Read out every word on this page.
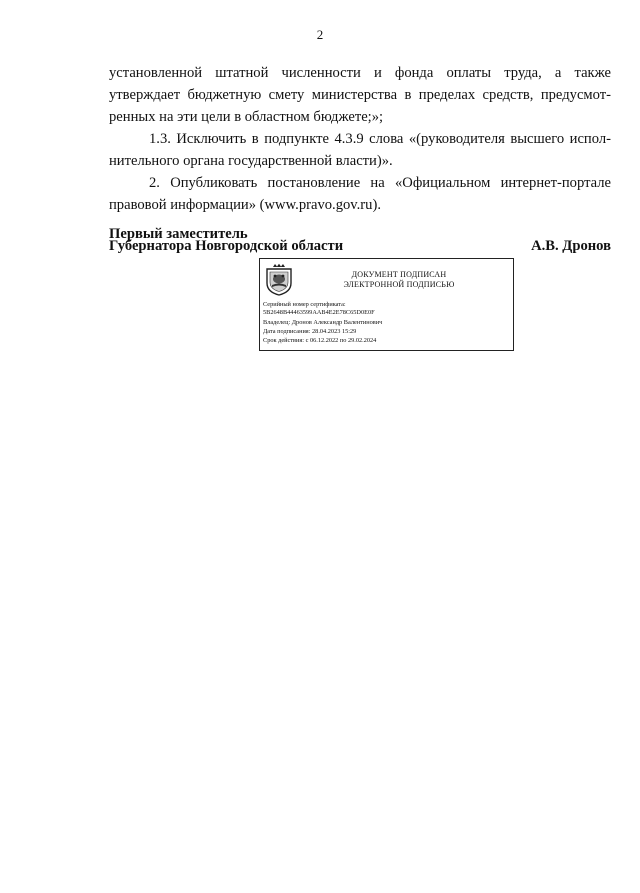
2
установленной штатной численности и фонда оплаты труда, а также
утверждает бюджетную смету министерства в пределах средств, предусмот-
ренных на эти цели в областном бюджете;»;
1.3. Исключить в подпункте 4.3.9 слова «(руководителя высшего испол-
нительного органа государственной власти)».
2. Опубликовать постановление на «Официальном интернет-портале
правовой информации» (www.pravo.gov.ru).
Первый заместитель
Губернатора Новгородской области	А.В. Дронов
ДОКУМЕНТ ПОДПИСАН
ЭЛЕКТРОННОЙ ПОДПИСЬЮ
Серийный номер сертификата:
5B2648B44463599AAB4E2E78C65D0E0F
Владелец: Дронов Александр Валентинович
Дата подписания: 28.04.2023 15:29
Срок действия: с 06.12.2022 по 29.02.2024
